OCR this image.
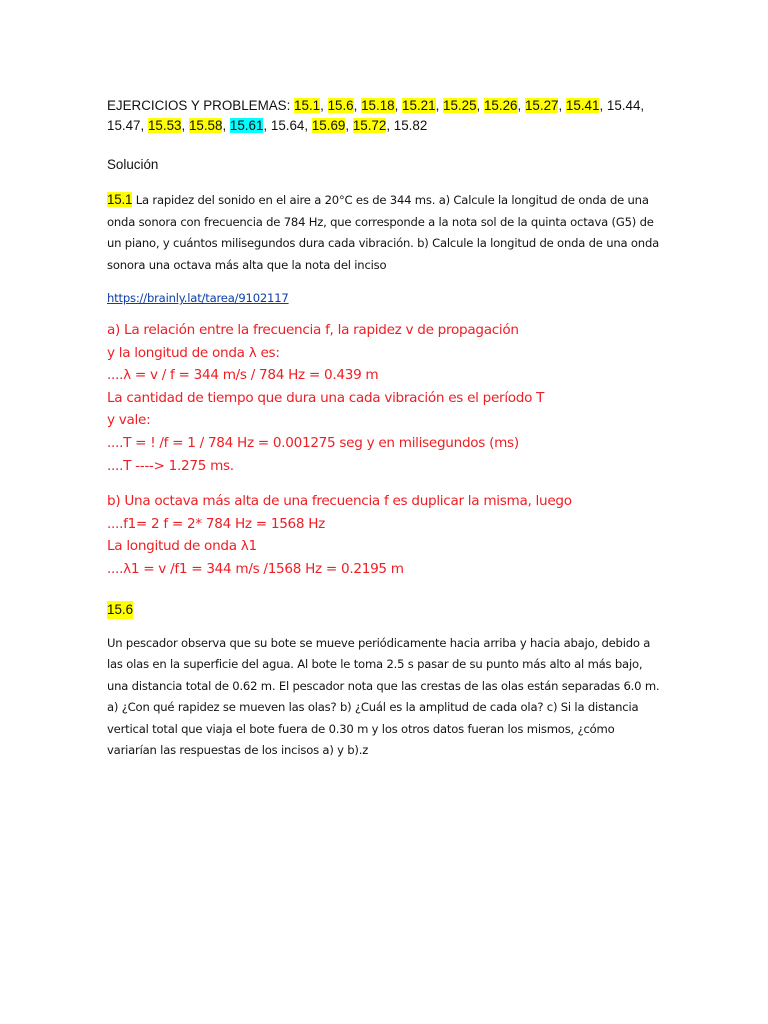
EJERCICIOS Y PROBLEMAS: 15.1, 15.6, 15.18, 15.21, 15.25, 15.26, 15.27, 15.41, 15.44, 15.47, 15.53, 15.58, 15.61, 15.64, 15.69, 15.72, 15.82

Solución

15.1 La rapidez del sonido en el aire a 20°C es de 344 ms. a) Calcule la longitud de onda de una onda sonora con frecuencia de 784 Hz, que corresponde a la nota sol de la quinta octava (G5) de un piano, y cuántos milisegundos dura cada vibración. b) Calcule la longitud de onda de una onda sonora una octava más alta que la nota del inciso

https://brainly.lat/tarea/9102117
a) La relación entre la frecuencia f, la rapidez v de propagación
y la longitud de onda λ es:
....λ = v / f = 344 m/s / 784 Hz = 0.439 m
La cantidad de tiempo que dura una cada vibración es el período T
y vale:
....T = ! /f = 1 / 784 Hz = 0.001275 seg y en milisegundos (ms)
....T ----> 1.275 ms.
b) Una octava más alta de una frecuencia f es duplicar la misma, luego
....f1= 2 f = 2* 784 Hz = 1568 Hz
La longitud de onda λ1
....λ1 = v /f1 = 344 m/s /1568 Hz = 0.2195 m
15.6

Un pescador observa que su bote se mueve periódicamente hacia arriba y hacia abajo, debido a las olas en la superficie del agua. Al bote le toma 2.5 s pasar de su punto más alto al más bajo, una distancia total de 0.62 m. El pescador nota que las crestas de las olas están separadas 6.0 m. a) ¿Con qué rapidez se mueven las olas? b) ¿Cuál es la amplitud de cada ola? c) Si la distancia vertical total que viaja el bote fuera de 0.30 m y los otros datos fueran los mismos, ¿cómo variarían las respuestas de los incisos a) y b).z
